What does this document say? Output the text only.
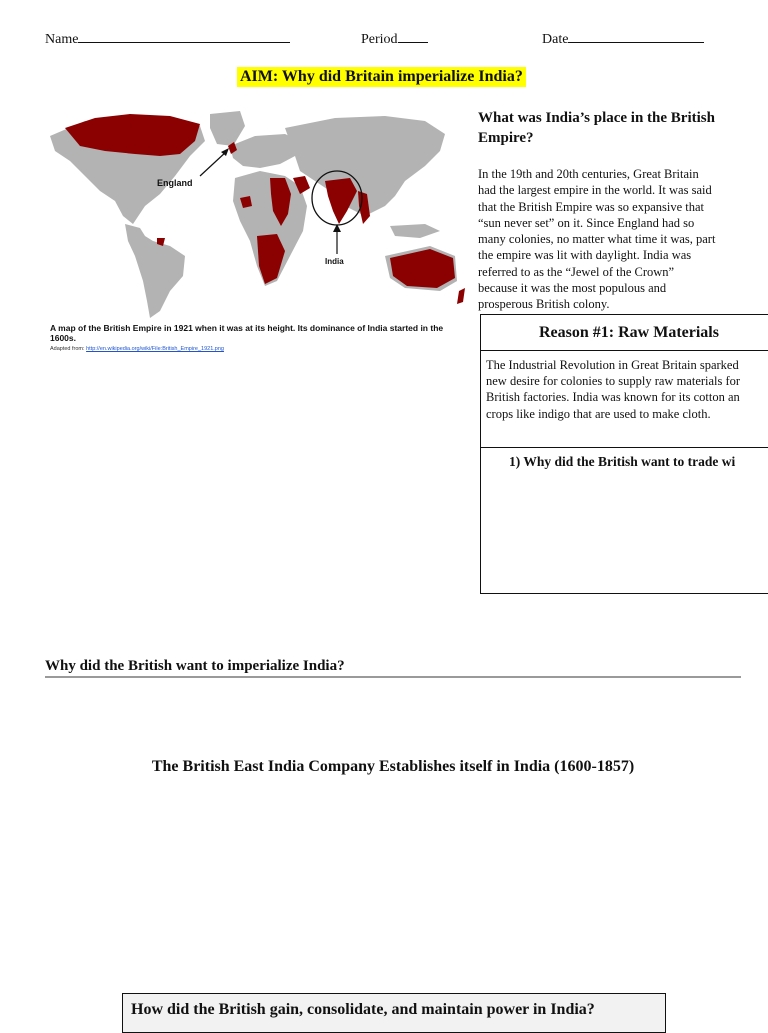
Name	Period	Date
AIM: Why did Britain imperialize India?
England
India
A map of the British Empire in 1921 when it was at its height. Its dominance of India started in the 1600s.
Adapted from: http://en.wikipedia.org/wiki/File:British_Empire_1921.png
What was India’s place in the British Empire?
In the 19th and 20th centuries, Great Britain
had the largest empire in the world. It was said
that the British Empire was so expansive that
“sun never set” on it. Since England had so
many colonies, no matter what time it was, part
the empire was lit with daylight. India was
referred to as the “Jewel of the Crown”
because it was the most populous and
prosperous British colony.
Reason #1: Raw Materials
The Industrial Revolution in Great Britain sparked
new desire for colonies to supply raw materials for
British factories. India was known for its cotton an
crops like indigo that are used to make cloth.
1) Why did the British want to trade wi
Why did the British want to imperialize India?
The British East India Company Establishes itself in India (1600-1857)
How did the British gain, consolidate, and maintain power in India?
